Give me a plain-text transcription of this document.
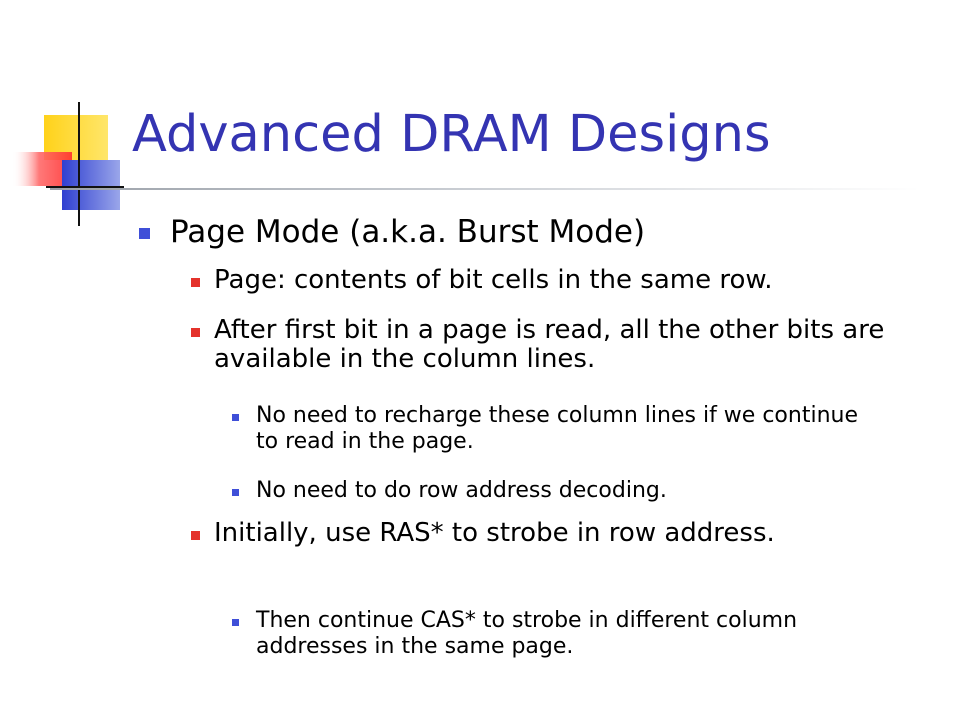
Advanced DRAM Designs
Page Mode (a.k.a. Burst Mode)
Page: contents of bit cells in the same row.
After first bit in a page is read, all the other bits are available in the column lines.
No need to recharge these column lines if we continue to read in the page.
No need to do row address decoding.
Initially, use RAS* to strobe in row address.
Then continue CAS* to strobe in different column addresses in the same page.
